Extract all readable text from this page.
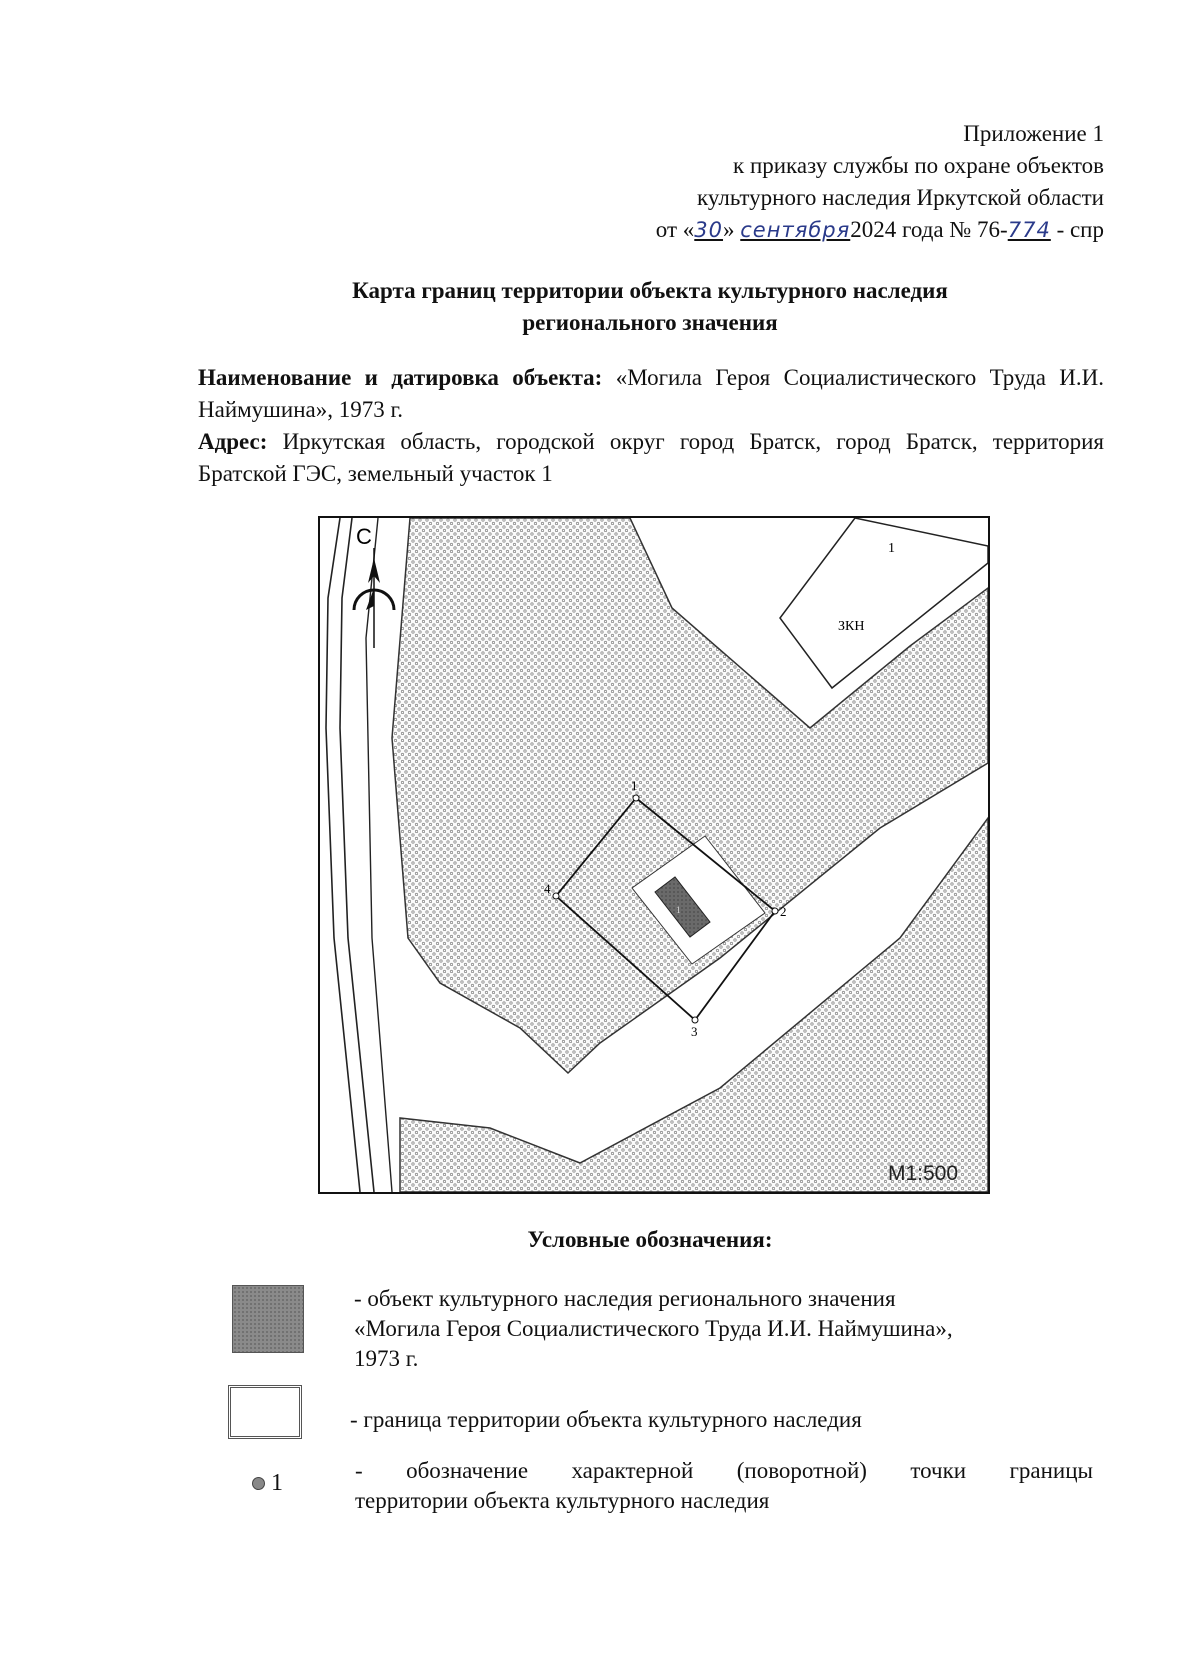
Приложение 1
к приказу службы по охране объектов
культурного наследия Иркутской области
от «30» сентября2024 года № 76-774 - спр
Карта границ территории объекта культурного наследия
регионального значения

Наименование и датировка объекта: «Могила Героя Социалистического Труда И.И. Наймушина», 1973 г.

Адрес: Иркутская область, городской округ город Братск, город Братск, территория Братской ГЭС, земельный участок 1

1
ЗКН
С
1
1
2
3
4
М1:500
Условные обозначения:
- объект культурного наследия регионального значения
«Могила Героя Социалистического Труда И.И. Наймушина»,
1973 г.
- граница территории объекта культурного наследия
1	- обозначение характерной (поворотной) точки границы
территории объекта культурного наследия
